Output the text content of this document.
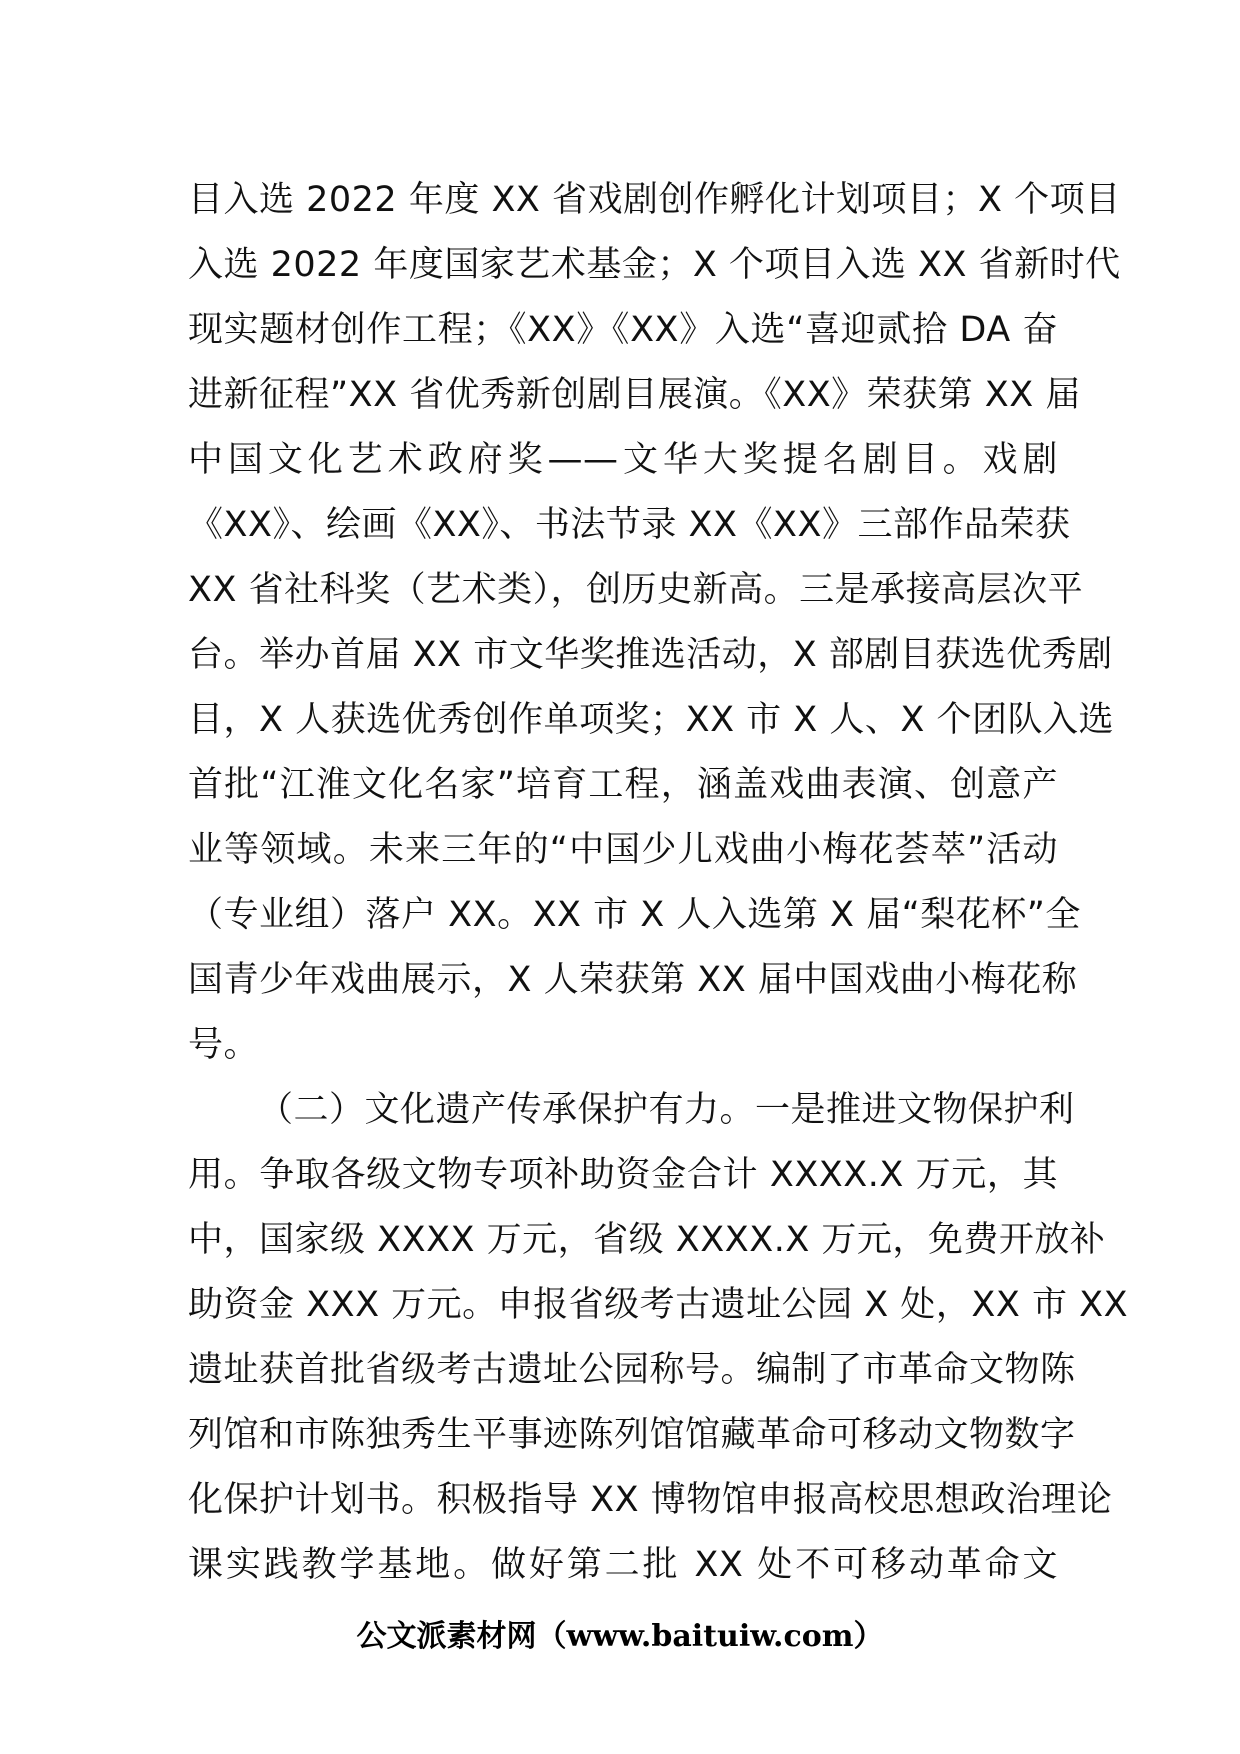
目入选 2022 年度 XX 省戏剧创作孵化计划项目；X 个项目
入选 2022 年度国家艺术基金；X 个项目入选 XX 省新时代
现实题材创作工程；《XX》《XX》入选“喜迎贰拾 DA 奋
进新征程”XX 省优秀新创剧目展演。《XX》荣获第 XX 届
中国文化艺术政府奖——文华大奖提名剧目。戏剧
《XX》、绘画《XX》、书法节录 XX《XX》三部作品荣获
XX 省社科奖（艺术类），创历史新高。三是承接高层次平
台。举办首届 XX 市文华奖推选活动，X 部剧目获选优秀剧
目，X 人获选优秀创作单项奖；XX 市 X 人、X 个团队入选
首批“江淮文化名家”培育工程，涵盖戏曲表演、创意产
业等领域。未来三年的“中国少儿戏曲小梅花荟萃”活动
（专业组）落户 XX。XX 市 X 人入选第 X 届“梨花杯”全
国青少年戏曲展示，X 人荣获第 XX 届中国戏曲小梅花称
号。
（二）文化遗产传承保护有力。一是推进文物保护利
用。争取各级文物专项补助资金合计 XXXX.X 万元，其
中，国家级 XXXX 万元，省级 XXXX.X 万元，免费开放补
助资金 XXX 万元。申报省级考古遗址公园 X 处，XX 市 XX
遗址获首批省级考古遗址公园称号。编制了市革命文物陈
列馆和市陈独秀生平事迹陈列馆馆藏革命可移动文物数字
化保护计划书。积极指导 XX 博物馆申报高校思想政治理论
课实践教学基地。做好第二批 XX 处不可移动革命文
公文派素材网（www.baituiw.com）
